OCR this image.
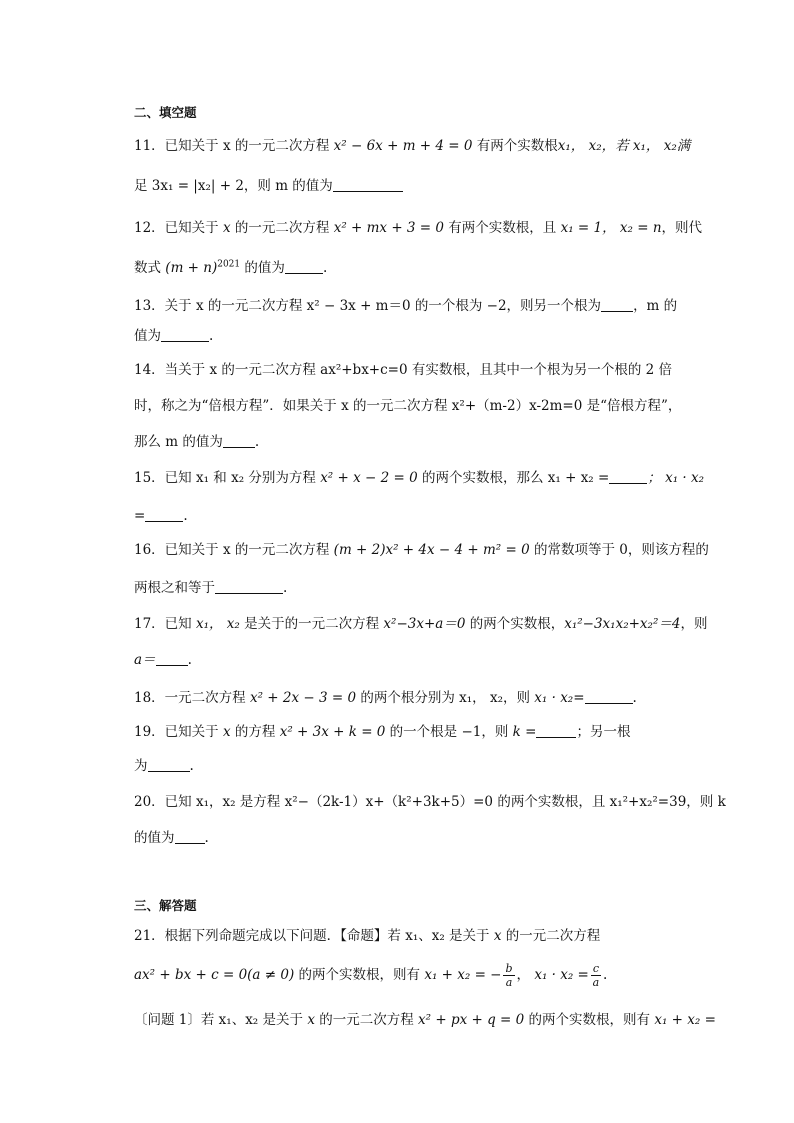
二、填空题
11．已知关于 x 的一元二次方程 x² − 6x + m + 4 = 0 有两个实数根x₁， x₂，若 x₁， x₂满
足 3x₁ = |x₂| + 2，则 m 的值为
12．已知关于 x 的一元二次方程 x² + mx + 3 = 0 有两个实数根，且 x₁ = 1， x₂ = n，则代
数式 $(m + n)^{2021}$ 的值为	.
13．关于 x 的一元二次方程 x² − 3x + m＝0 的一个根为 −2，则另一个根为 ，m 的
值为	.
14．当关于 x 的一元二次方程 ax²+bx+c=0 有实数根，且其中一个根为另一个根的 2 倍
时，称之为“倍根方程”．如果关于 x 的一元二次方程 x²+（m-2）x-2m=0 是“倍根方程”，
那么 m 的值为 .
15．已知 x₁ 和 x₂ 分别为方程 x² + x − 2 = 0 的两个实数根，那么 x₁ + x₂ =	； x₁ · x₂
=	.
16．已知关于 x 的一元二次方程 (m + 2)x² + 4x − 4 + m² = 0 的常数项等于 0，则该方程的
两根之和等于	.
17．已知 x₁， x₂ 是关于的一元二次方程 x²−3x+a＝0 的两个实数根，x₁²−3x₁x₂+x₂²＝4，则
a＝ .
18．一元二次方程 x² + 2x − 3 = 0 的两个根分别为 x₁， x₂，则 x₁ · x₂=	.
19．已知关于 x 的方程 x² + 3x + k = 0 的一个根是 −1，则 k =	；另一根
为	.
20．已知 x₁，x₂ 是方程 x²−（2k-1）x+（k²+3k+5）=0 的两个实数根，且 x₁²+x₂²=39，则 k
的值为 .
三、解答题
21．根据下列命题完成以下问题．【命题】若 x₁、x₂ 是关于 x 的一元二次方程
ax² + bx + c = 0(a ≠ 0) 的两个实数根，则有 x₁ + x₂ = − $\frac{b}{a}$ ， $x_1 \cdot x_2 = \frac{c}{a}$ .
〔问题 1〕若 x₁、x₂ 是关于 x 的一元二次方程 x² + px + q = 0 的两个实数根，则有 x₁ + x₂ =
